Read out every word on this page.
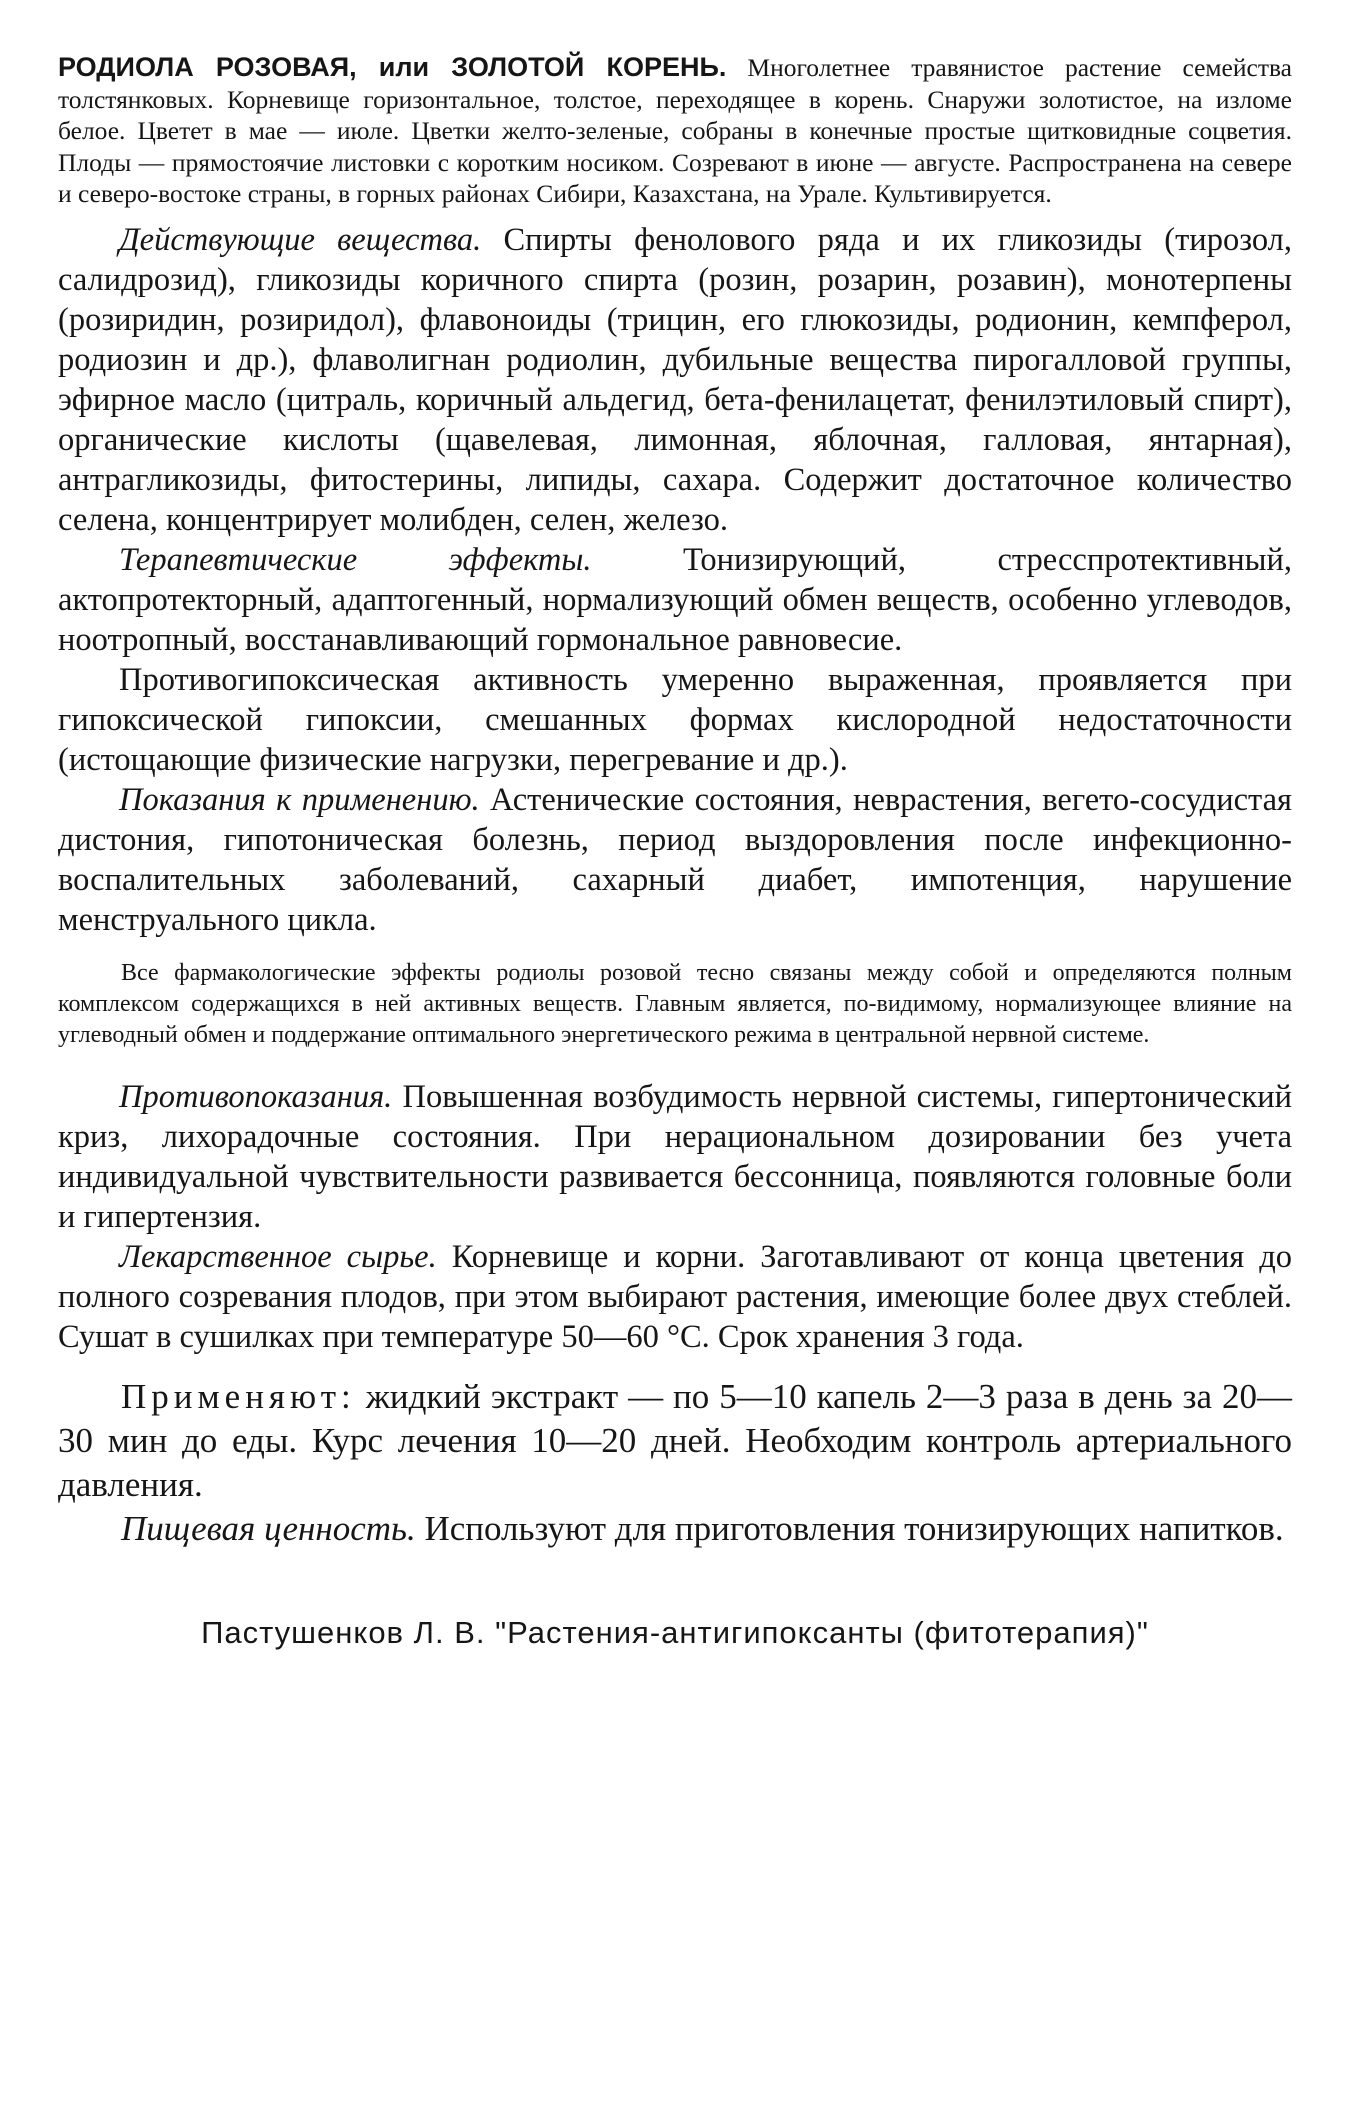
РОДИОЛА РОЗОВАЯ, или ЗОЛОТОЙ КОРЕНЬ. Многолетнее травянистое растение семейства толстянковых. Корневище горизонтальное, толстое, переходящее в корень. Снаружи золотистое, на изломе белое. Цветет в мае — июле. Цветки желто-зеленые, собраны в конечные простые щитковидные соцветия. Плоды — прямостоячие листовки с коротким носиком. Созревают в июне — августе. Распространена на севере и северо-востоке страны, в горных районах Сибири, Казахстана, на Урале. Культивируется.

Действующие вещества. Спирты фенолового ряда и их гликозиды (тирозол, салидрозид), гликозиды коричного спирта (розин, розарин, розавин), монотерпены (розиридин, розиридол), флавоноиды (трицин, его глюкозиды, родионин, кемпферол, родиозин и др.), флаволигнан родиолин, дубильные вещества пирогалловой группы, эфирное масло (цитраль, коричный альдегид, бета-фенилацетат, фенилэтиловый спирт), органические кислоты (щавелевая, лимонная, яблочная, галловая, янтарная), антрагликозиды, фитостерины, липиды, сахара. Содержит достаточное количество селена, концентрирует молибден, селен, железо.

Терапевтические эффекты. Тонизирующий, стресспротективный, актопротекторный, адаптогенный, нормализующий обмен веществ, особенно углеводов, ноотропный, восстанавливающий гормональное равновесие.

Противогипоксическая активность умеренно выраженная, проявляется при гипоксической гипоксии, смешанных формах кислородной недостаточности (истощающие физические нагрузки, перегревание и др.).

Показания к применению. Астенические состояния, неврастения, вегето-сосудистая дистония, гипотоническая болезнь, период выздоровления после инфекционно-воспалительных заболеваний, сахарный диабет, импотенция, нарушение менструального цикла.

Все фармакологические эффекты родиолы розовой тесно связаны между собой и определяются полным комплексом содержащихся в ней активных веществ. Главным является, по-видимому, нормализующее влияние на углеводный обмен и поддержание оптимального энергетического режима в центральной нервной системе.

Противопоказания. Повышенная возбудимость нервной системы, гипертонический криз, лихорадочные состояния. При нерациональном дозировании без учета индивидуальной чувствительности развивается бессонница, появляются головные боли и гипертензия.

Лекарственное сырье. Корневище и корни. Заготавливают от конца цветения до полного созревания плодов, при этом выбирают растения, имеющие более двух стеблей. Сушат в сушилках при температуре 50—60 °С. Срок хранения 3 года.

Применяют: жидкий экстракт — по 5—10 капель 2—3 раза в день за 20—30 мин до еды. Курс лечения 10—20 дней. Необходим контроль артериального давления.

Пищевая ценность. Используют для приготовления тонизирующих напитков.

Пастушенков Л. В. "Растения-антигипоксанты (фитотерапия)"
